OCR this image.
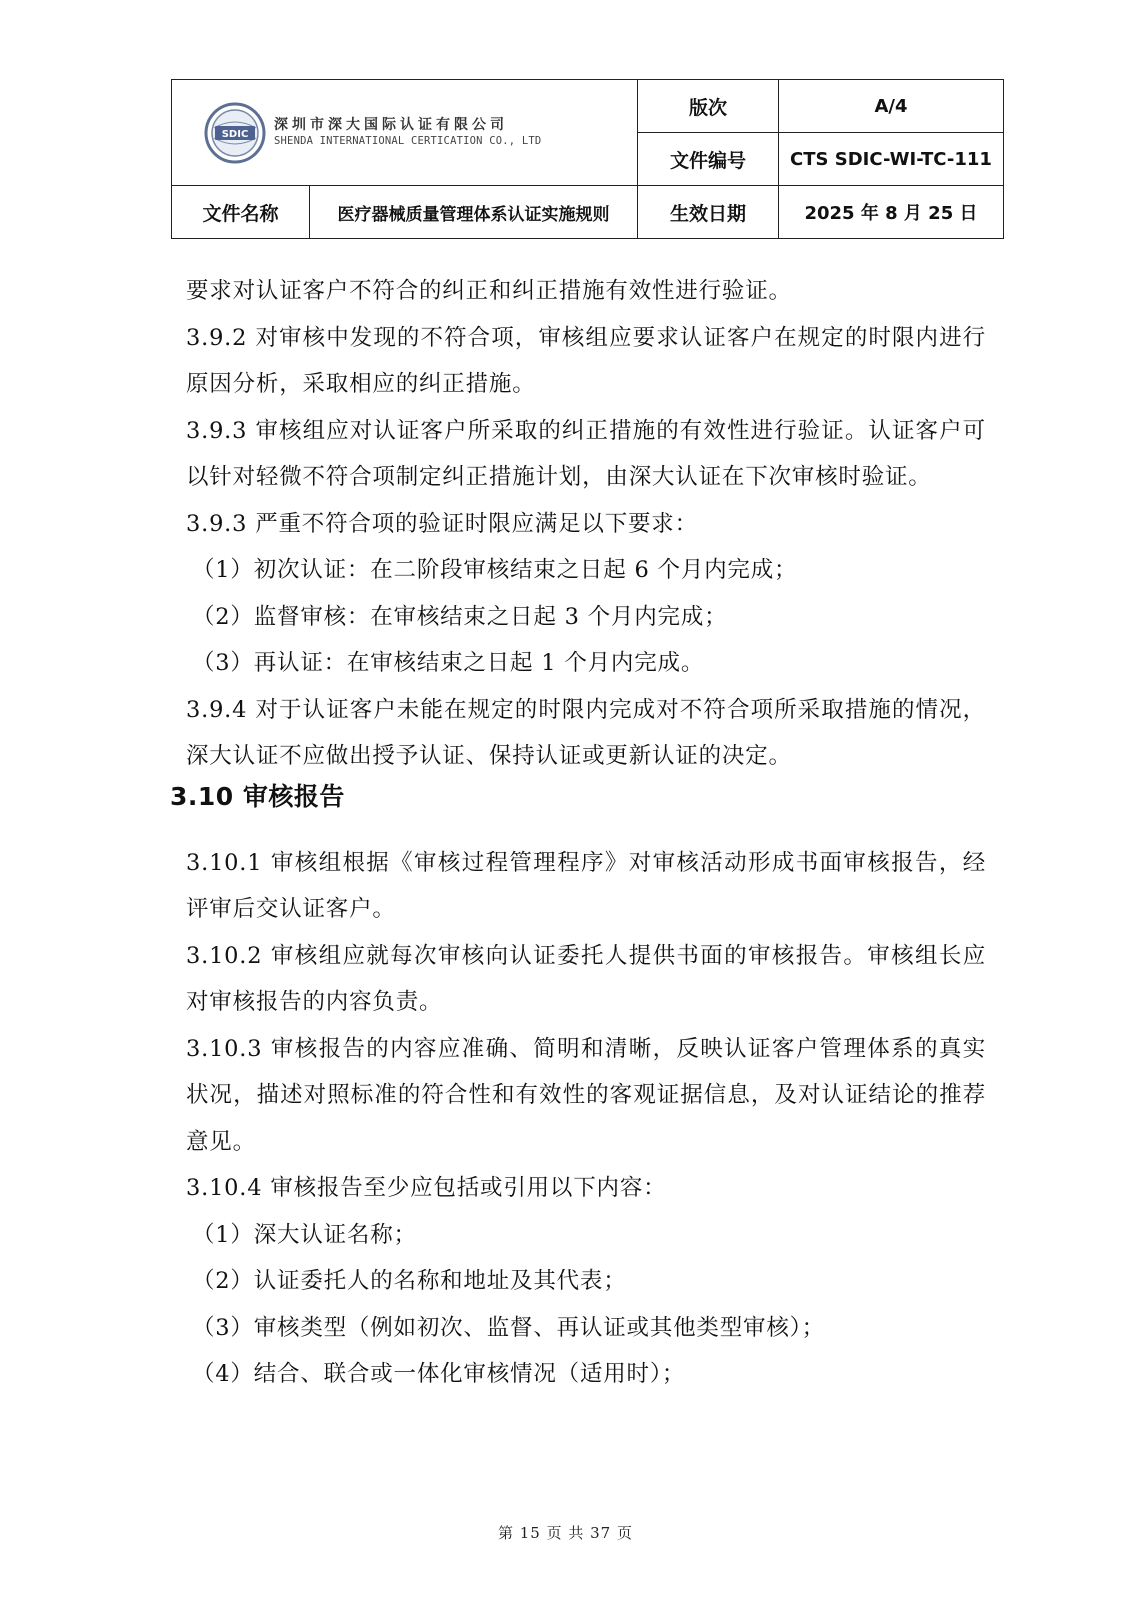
SDIC
深圳市深大国际认证有限公司
SHENDA INTERNATIONAL CERTICATION CO., LTD		版次	A/4
		文件编号	CTS SDIC-WI-TC-111
文件名称	医疗器械质量管理体系认证实施规则	生效日期	2025 年 8 月 25 日

要求对认证客户不符合的纠正和纠正措施有效性进行验证。

3.9.2 对审核中发现的不符合项，审核组应要求认证客户在规定的时限内进行原因分析，采取相应的纠正措施。

3.9.3 审核组应对认证客户所采取的纠正措施的有效性进行验证。认证客户可以针对轻微不符合项制定纠正措施计划，由深大认证在下次审核时验证。

3.9.3 严重不符合项的验证时限应满足以下要求：

（1）初次认证：在二阶段审核结束之日起 6 个月内完成；

（2）监督审核：在审核结束之日起 3 个月内完成；

（3）再认证：在审核结束之日起 1 个月内完成。

3.9.4 对于认证客户未能在规定的时限内完成对不符合项所采取措施的情况，深大认证不应做出授予认证、保持认证或更新认证的决定。

3.10 审核报告

3.10.1 审核组根据《审核过程管理程序》对审核活动形成书面审核报告，经评审后交认证客户。

3.10.2 审核组应就每次审核向认证委托人提供书面的审核报告。审核组长应对审核报告的内容负责。

3.10.3 审核报告的内容应准确、简明和清晰，反映认证客户管理体系的真实状况，描述对照标准的符合性和有效性的客观证据信息，及对认证结论的推荐意见。

3.10.4 审核报告至少应包括或引用以下内容：

（1）深大认证名称；

（2）认证委托人的名称和地址及其代表；

（3）审核类型（例如初次、监督、再认证或其他类型审核）；

（4）结合、联合或一体化审核情况（适用时）；

第 15 页 共 37 页
